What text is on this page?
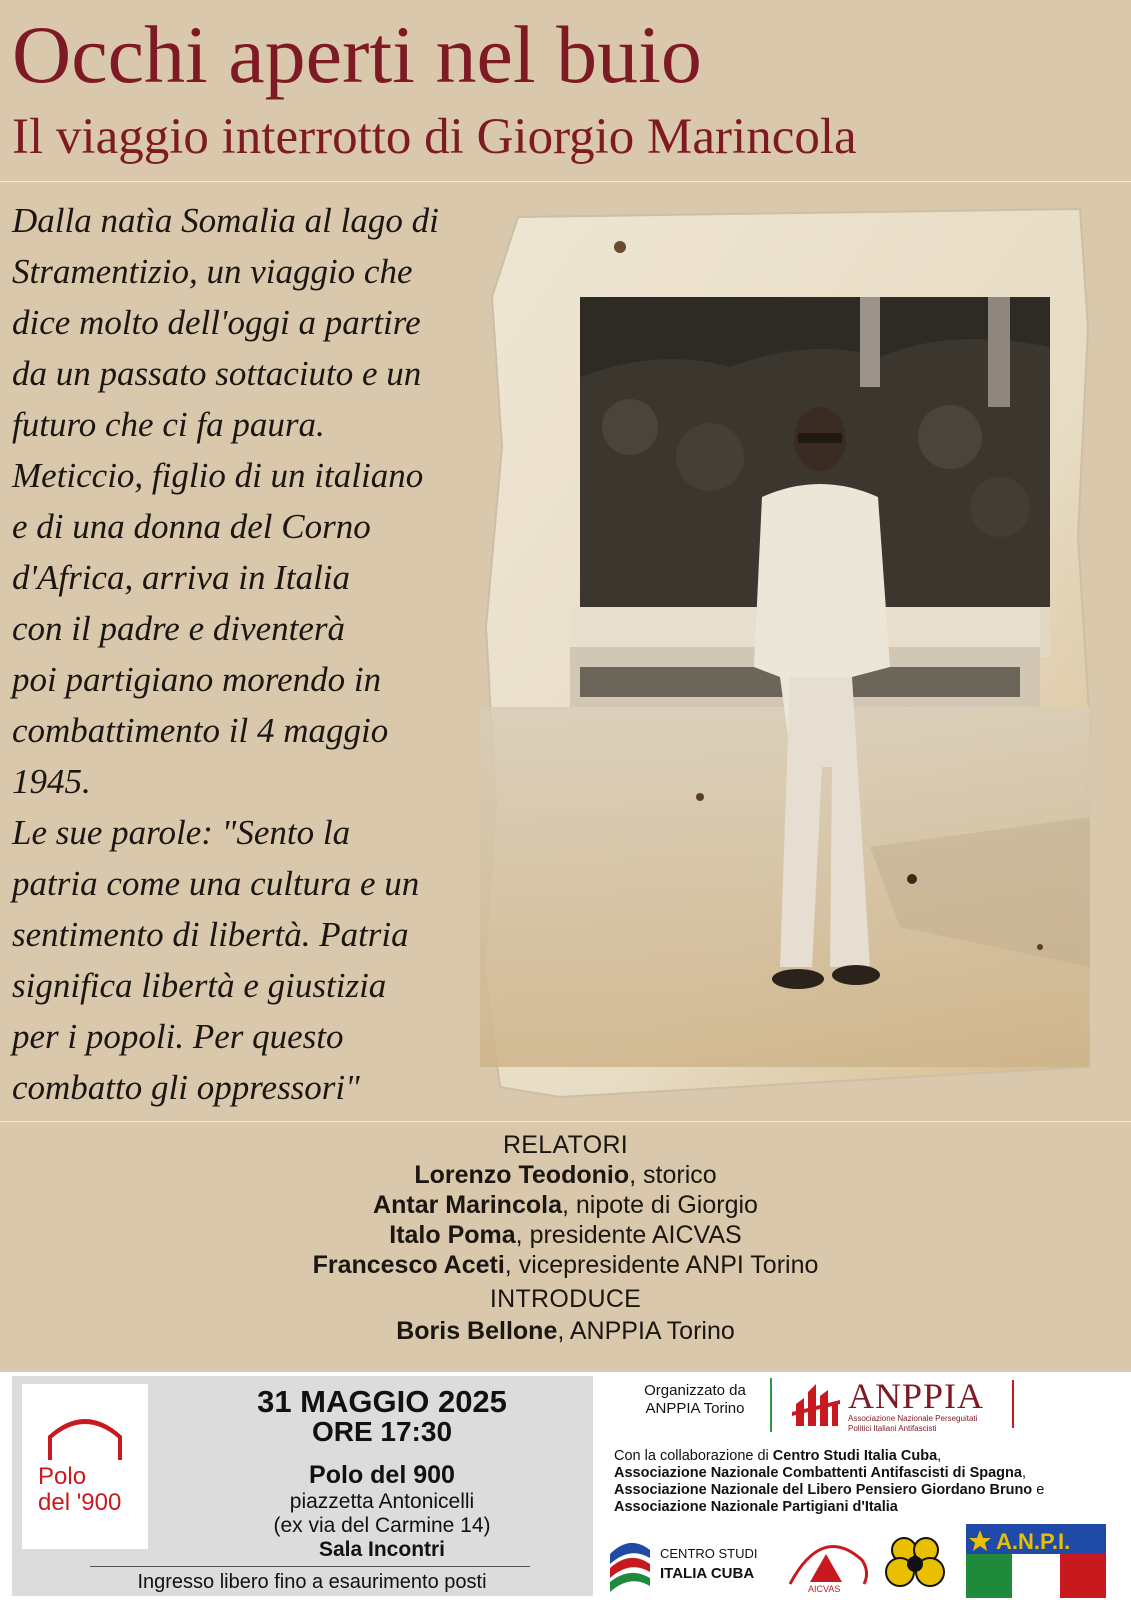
Occhi aperti nel buio
Il viaggio interrotto di Giorgio Marincola
Dalla natìa Somalia al lago di
Stramentizio, un viaggio che
dice molto dell'oggi a partire
da un passato sottaciuto e un
futuro che ci fa paura.
Meticcio, figlio di un italiano
e di una donna del Corno
d'Africa, arriva in Italia
con il padre e diventerà
poi partigiano morendo in
combattimento il 4 maggio
1945.
Le sue parole: "Sento la
patria come una cultura e un
sentimento di libertà. Patria
significa libertà e giustizia
per i popoli. Per questo
combatto gli oppressori"
RELATORI
Lorenzo Teodonio, storico
Antar Marincola, nipote di Giorgio
Italo Poma, presidente AICVAS
Francesco Aceti, vicepresidente ANPI Torino
INTRODUCE
Boris Bellone, ANPPIA Torino
Polo
del '900
31 MAGGIO 2025
ORE 17:30
Polo del 900
piazzetta Antonicelli
(ex via del Carmine 14)
Sala Incontri
Ingresso libero fino a esaurimento posti
Organizzato da
ANPPIA Torino	ANPPIA
Associazione Nazionale Perseguitati
Politici Italiani Antifascisti
Con la collaborazione di Centro Studi Italia Cuba,
Associazione Nazionale Combattenti Antifascisti di Spagna,
Associazione Nazionale del Libero Pensiero Giordano Bruno e
Associazione Nazionale Partigiani d'Italia
CENTRO STUDI
ITALIA CUBA
AICVAS
A.N.P.I.
